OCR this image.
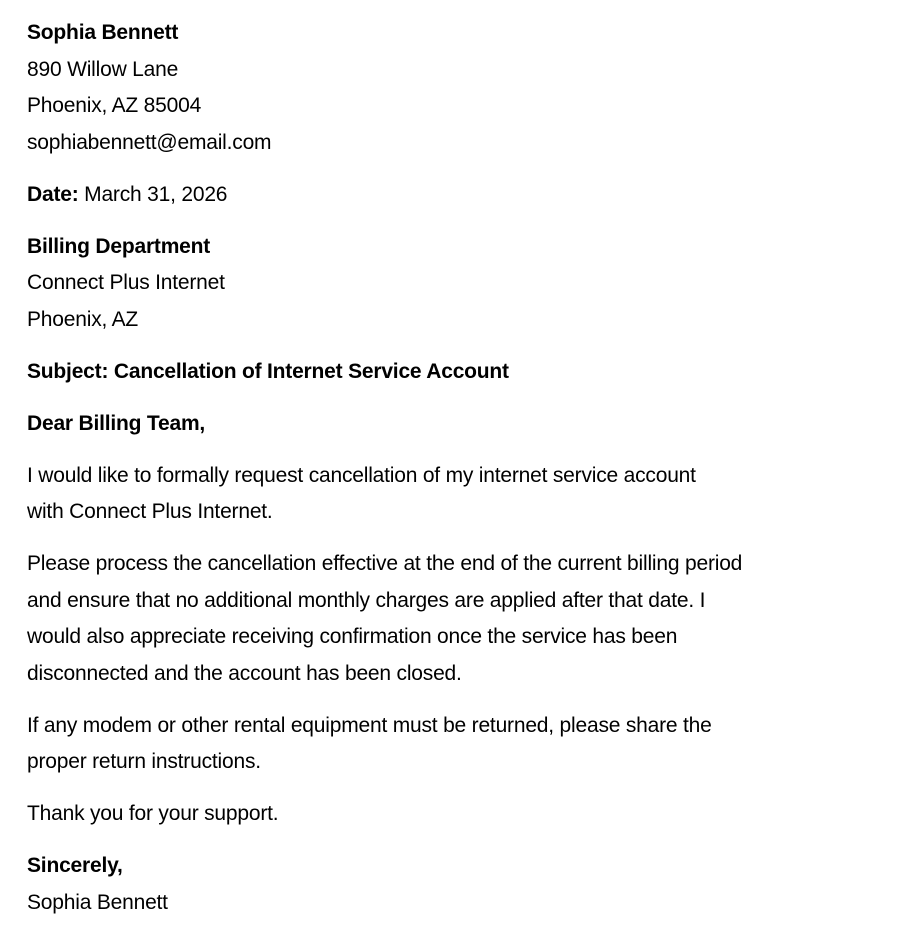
Sophia Bennett
890 Willow Lane
Phoenix, AZ 85004
sophiabennett@email.com
Date: March 31, 2026
Billing Department
Connect Plus Internet
Phoenix, AZ
Subject: Cancellation of Internet Service Account
Dear Billing Team,
I would like to formally request cancellation of my internet service account
with Connect Plus Internet.
Please process the cancellation effective at the end of the current billing period
and ensure that no additional monthly charges are applied after that date. I
would also appreciate receiving confirmation once the service has been
disconnected and the account has been closed.
If any modem or other rental equipment must be returned, please share the
proper return instructions.
Thank you for your support.
Sincerely,
Sophia Bennett
